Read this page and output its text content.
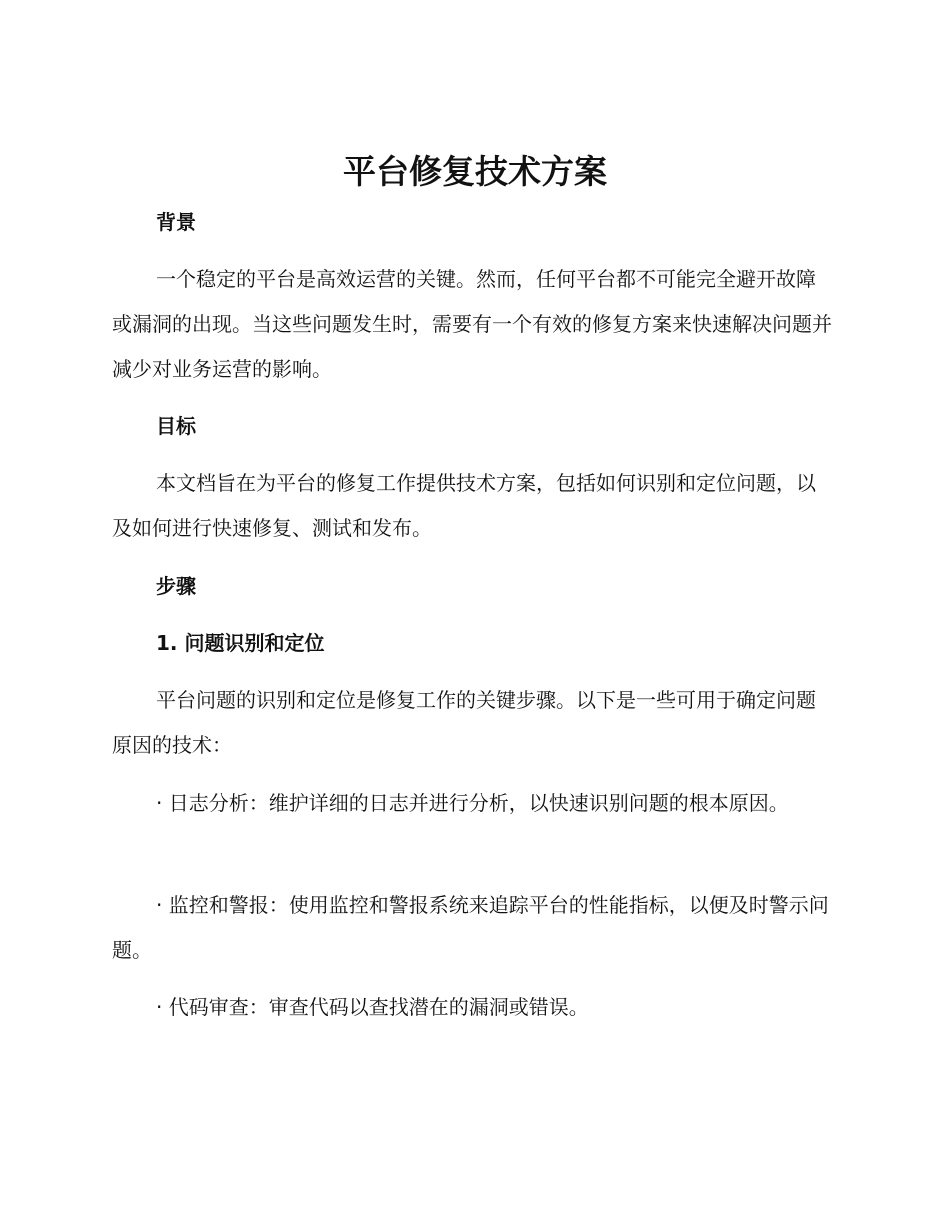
平台修复技术方案
背景

一个稳定的平台是高效运营的关键。然而，任何平台都不可能完全避开故障或漏洞的出现。当这些问题发生时，需要有一个有效的修复方案来快速解决问题并减少对业务运营的影响。

目标

本文档旨在为平台的修复工作提供技术方案，包括如何识别和定位问题，以及如何进行快速修复、测试和发布。

步骤
1. 问题识别和定位

平台问题的识别和定位是修复工作的关键步骤。以下是一些可用于确定问题原因的技术：

· 日志分析：维护详细的日志并进行分析，以快速识别问题的根本原因。

· 监控和警报：使用监控和警报系统来追踪平台的性能指标，以便及时警示问题。

· 代码审查：审查代码以查找潜在的漏洞或错误。
